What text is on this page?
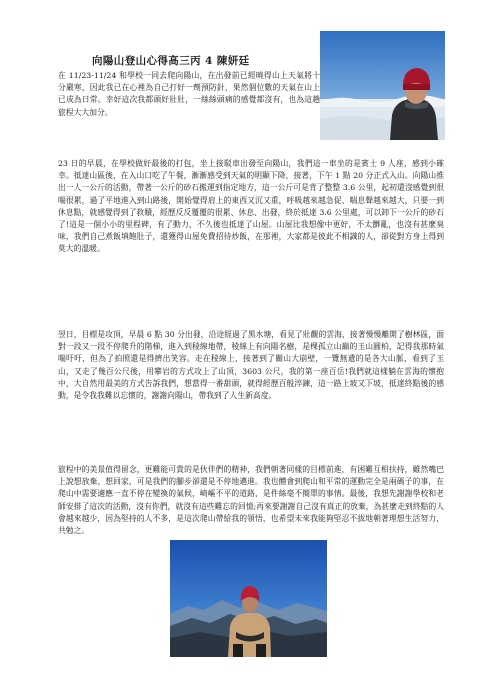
向陽山登山心得高三丙 4 陳妍廷
在 11/23-11/24 和學校一同去爬向陽山，在出發前已經曉得山上天氣將十分嚴寒，因此我已在心裡為自己打好一劑預防針，果然個位數的天氣在山上已成為日常。幸好這次我都頭好壯壯，一絲絲頭痛的感覺都沒有，也為這趟旅程大大加分。
23 日的早晨，在學校做好最後的打包，坐上接駁車出發至向陽山，我們這一車坐的是賓士 9 人座，感到小確幸。抵達山區後，在入山口吃了午餐，漸漸感受到天氣的明顯下降，接著，下午 1 點 20 分正式入山。向陽山推出一人一公斤的活動，帶著一公斤的砂石搬運到指定地方，這一公斤可是背了整整 3.6 公里，起初還沒感覺到很喘很累，過了平地進入到山路後，開始覺得肩上的東西又沉又重，呼吸越來越急促、喘息聲越來越大，只要一到休息點，就感覺得到了救贖，經歷反反覆覆的很累、休息、出發，終於抵達 3.6 公里處，可以卸下一公斤的砂石了!這是一個小小的里程碑，有了動力，不久後也抵達了山屋。山屋比我想像中更好，不太髒亂，也沒有甚麼臭味，我們自己煮飯填飽肚子，還獲得山屋免費招待炒飯，在那裡，大家都是彼此不相識的人，卻從對方身上得到莫大的溫暖。
翌日，目標是攻頂，早晨 6 點 30 分出發，沿途經過了黑水塘，看見了壯觀的雲海，接著慢慢離開了樹林區，面對一段又一段不停爬升的階梯，進入到稜線地帶，稜線上有向陽名樹，是棵孤立山巔的玉山圓柏，記得我那時氣喘吁吁，但為了拍照還是得擠出笑容。走在稜線上，接著到了關山大崩壁，一覽無遺的是各大山脈，看到了玉山，又走了幾百公尺後，用攀岩的方式攻上了山頂，3603 公尺，我的第一座百岳!我們就這樣躺在雲海的懷抱中，大自然用最美的方式告訴我們，想當得一番甜頭，就得經歷百般淬鍊，這一路上坡又下坡，抵達終點後的感動，是令我我難以忘懷的，謝謝向陽山，帶我到了人生新高度。
旅程中的美景值得留念，更難能可貴的是伙伴們的精神，我們朝著同樣的目標前進，有困難互相扶持，雖然嘴巴上說想放棄、想回家，可是我們的腳步卻還是不停地邁進。我也體會到爬山和平常的運動完全是兩碼子的事，在爬山中需要適應一直不停在變換的氣候，崎嶇不平的道路，是件絲毫不簡單的事情。最後，我想先謝謝學校和老師安排了這次的活動，沒有你們，就沒有這些難忘的回憶;再來要謝謝自己沒有真正的放棄，為甚麼走到終點的人會越來越少，因為堅持的人不多，是這次爬山帶給我的領悟，也希望未來我能夠堅忍不拔地朝著理想生活努力，共勉之。
